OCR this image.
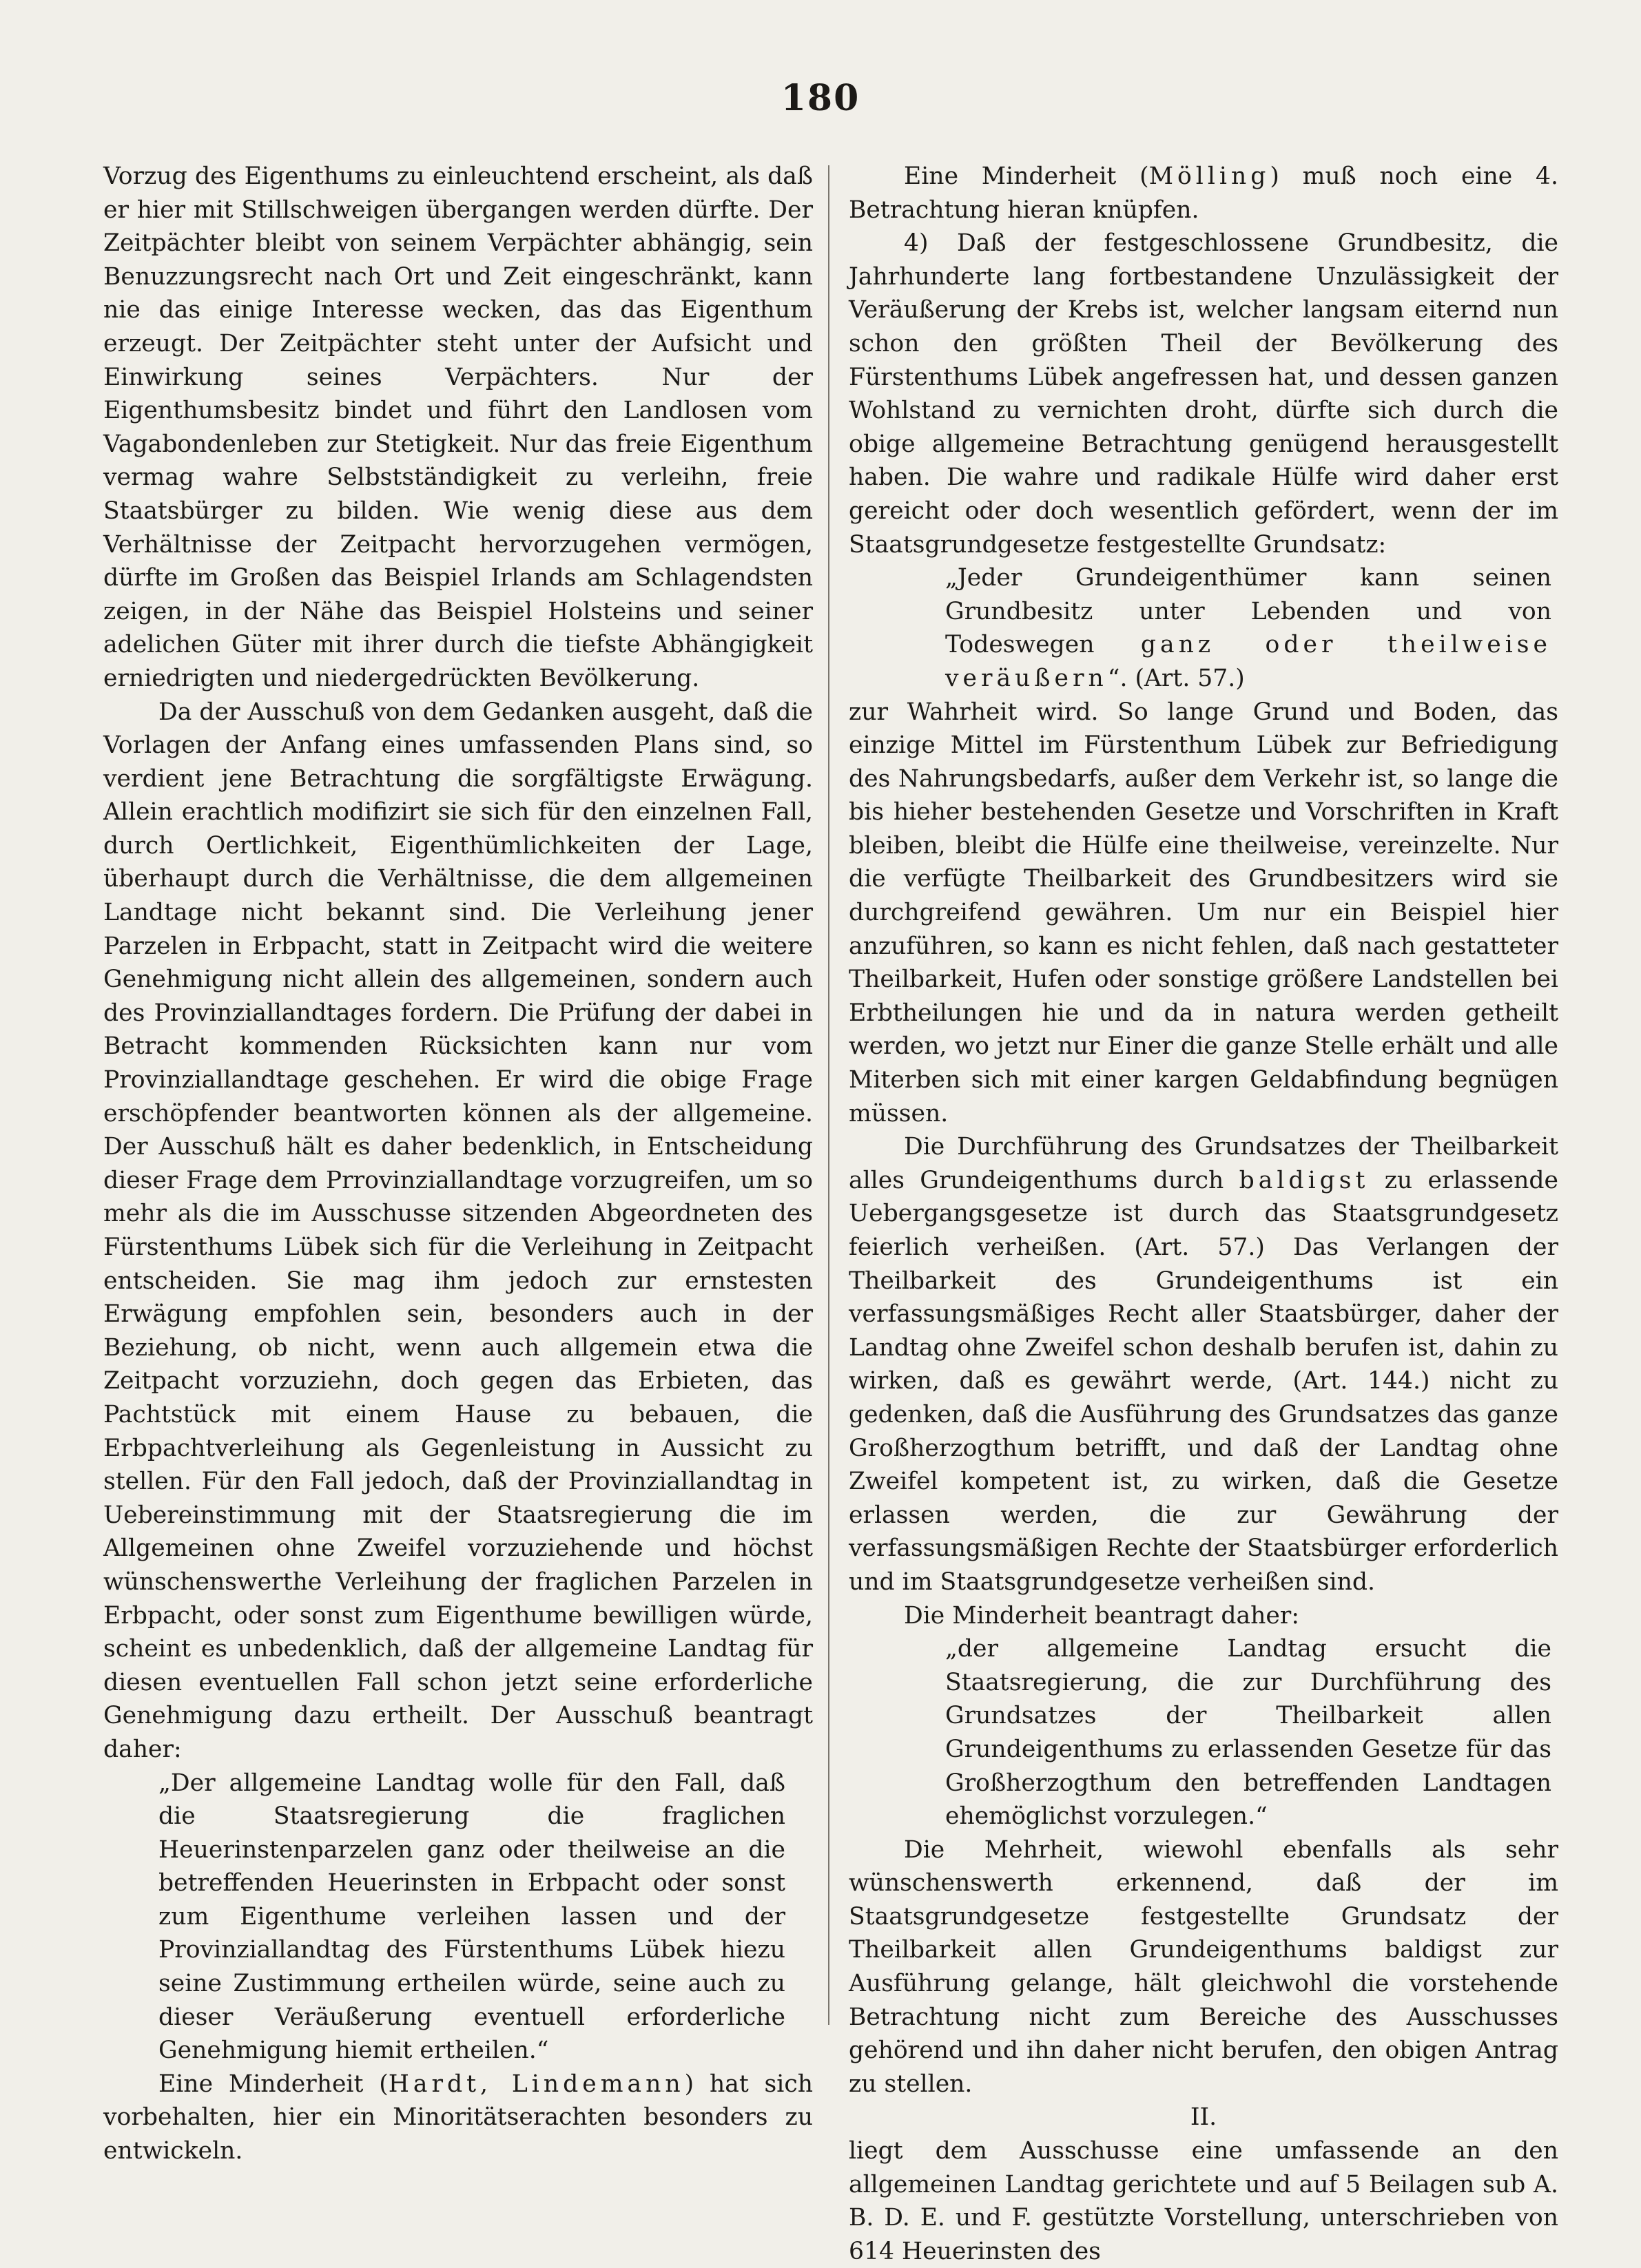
180

Vorzug des Eigenthums zu einleuchtend erscheint, als daß er hier mit Stillschweigen übergangen werden dürfte. Der Zeitpächter bleibt von seinem Verpächter abhängig, sein Benuzzungsrecht nach Ort und Zeit eingeschränkt, kann nie das einige Interesse wecken, das das Eigenthum erzeugt. Der Zeitpächter steht unter der Aufsicht und Einwirkung seines Verpächters. Nur der Eigenthumsbesitz bindet und führt den Landlosen vom Vagabondenleben zur Stetigkeit. Nur das freie Eigenthum vermag wahre Selbstständigkeit zu verleihn, freie Staatsbürger zu bilden. Wie wenig diese aus dem Verhältnisse der Zeitpacht hervorzugehen vermögen, dürfte im Großen das Beispiel Irlands am Schlagendsten zeigen, in der Nähe das Beispiel Holsteins und seiner adelichen Güter mit ihrer durch die tiefste Abhängigkeit erniedrigten und niedergedrückten Bevölkerung.

Da der Ausschuß von dem Gedanken ausgeht, daß die Vorlagen der Anfang eines umfassenden Plans sind, so verdient jene Betrachtung die sorgfältigste Erwägung. Allein erachtlich modifizirt sie sich für den einzelnen Fall, durch Oertlichkeit, Eigenthümlichkeiten der Lage, überhaupt durch die Verhältnisse, die dem allgemeinen Landtage nicht bekannt sind. Die Verleihung jener Parzelen in Erbpacht, statt in Zeitpacht wird die weitere Genehmigung nicht allein des allgemeinen, sondern auch des Provinziallandtages fordern. Die Prüfung der dabei in Betracht kommenden Rücksichten kann nur vom Provinziallandtage geschehen. Er wird die obige Frage erschöpfender beantworten können als der allgemeine. Der Ausschuß hält es daher bedenklich, in Entscheidung dieser Frage dem Prrovinziallandtage vorzugreifen, um so mehr als die im Ausschusse sitzenden Abgeordneten des Fürstenthums Lübek sich für die Verleihung in Zeitpacht entscheiden. Sie mag ihm jedoch zur ernstesten Erwägung empfohlen sein, besonders auch in der Beziehung, ob nicht, wenn auch allgemein etwa die Zeitpacht vorzuziehn, doch gegen das Erbieten, das Pachtstück mit einem Hause zu bebauen, die Erbpachtverleihung als Gegenleistung in Aussicht zu stellen. Für den Fall jedoch, daß der Provinziallandtag in Uebereinstimmung mit der Staatsregierung die im Allgemeinen ohne Zweifel vorzuziehende und höchst wünschenswerthe Verleihung der fraglichen Parzelen in Erbpacht, oder sonst zum Eigenthume bewilligen würde, scheint es unbedenklich, daß der allgemeine Landtag für diesen eventuellen Fall schon jetzt seine erforderliche Genehmigung dazu ertheilt. Der Ausschuß beantragt daher:

„Der allgemeine Landtag wolle für den Fall, daß die Staatsregierung die fraglichen Heuerinstenparzelen ganz oder theilweise an die betreffenden Heuerinsten in Erbpacht oder sonst zum Eigenthume verleihen lassen und der Provinziallandtag des Fürstenthums Lübek hiezu seine Zustimmung ertheilen würde, seine auch zu dieser Veräußerung eventuell erforderliche Genehmigung hiemit ertheilen.“

Eine Minderheit (Hardt, Lindemann) hat sich vorbehalten, hier ein Minoritätserachten besonders zu entwickeln.

Eine Minderheit (Mölling) muß noch eine 4. Betrachtung hieran knüpfen.

4) Daß der festgeschlossene Grundbesitz, die Jahrhunderte lang fortbestandene Unzulässigkeit der Veräußerung der Krebs ist, welcher langsam eiternd nun schon den größten Theil der Bevölkerung des Fürstenthums Lübek angefressen hat, und dessen ganzen Wohlstand zu vernichten droht, dürfte sich durch die obige allgemeine Betrachtung genügend herausgestellt haben. Die wahre und radikale Hülfe wird daher erst gereicht oder doch wesentlich gefördert, wenn der im Staatsgrundgesetze festgestellte Grundsatz:

„Jeder Grundeigenthümer kann seinen Grundbesitz unter Lebenden und von Todeswegen ganz oder theilweise veräußern“. (Art. 57.)

zur Wahrheit wird. So lange Grund und Boden, das einzige Mittel im Fürstenthum Lübek zur Befriedigung des Nahrungsbedarfs, außer dem Verkehr ist, so lange die bis hieher bestehenden Gesetze und Vorschriften in Kraft bleiben, bleibt die Hülfe eine theilweise, vereinzelte. Nur die verfügte Theilbarkeit des Grundbesitzers wird sie durchgreifend gewähren. Um nur ein Beispiel hier anzuführen, so kann es nicht fehlen, daß nach gestatteter Theilbarkeit, Hufen oder sonstige größere Landstellen bei Erbtheilungen hie und da in natura werden getheilt werden, wo jetzt nur Einer die ganze Stelle erhält und alle Miterben sich mit einer kargen Geldabfindung begnügen müssen.

Die Durchführung des Grundsatzes der Theilbarkeit alles Grundeigenthums durch baldigst zu erlassende Uebergangsgesetze ist durch das Staatsgrundgesetz feierlich verheißen. (Art. 57.) Das Verlangen der Theilbarkeit des Grundeigenthums ist ein verfassungsmäßiges Recht aller Staatsbürger, daher der Landtag ohne Zweifel schon deshalb berufen ist, dahin zu wirken, daß es gewährt werde, (Art. 144.) nicht zu gedenken, daß die Ausführung des Grundsatzes das ganze Großherzogthum betrifft, und daß der Landtag ohne Zweifel kompetent ist, zu wirken, daß die Gesetze erlassen werden, die zur Gewährung der verfassungsmäßigen Rechte der Staatsbürger erforderlich und im Staatsgrundgesetze verheißen sind.

Die Minderheit beantragt daher:

„der allgemeine Landtag ersucht die Staatsregierung, die zur Durchführung des Grundsatzes der Theilbarkeit allen Grundeigenthums zu erlassenden Gesetze für das Großherzogthum den betreffenden Landtagen ehemöglichst vorzulegen.“

Die Mehrheit, wiewohl ebenfalls als sehr wünschenswerth erkennend, daß der im Staatsgrundgesetze festgestellte Grundsatz der Theilbarkeit allen Grundeigenthums baldigst zur Ausführung gelange, hält gleichwohl die vorstehende Betrachtung nicht zum Bereiche des Ausschusses gehörend und ihn daher nicht berufen, den obigen Antrag zu stellen.

II.

liegt dem Ausschusse eine umfassende an den allgemeinen Landtag gerichtete und auf 5 Beilagen sub A. B. D. E. und F. gestützte Vorstellung, unterschrieben von 614 Heuerinsten des
